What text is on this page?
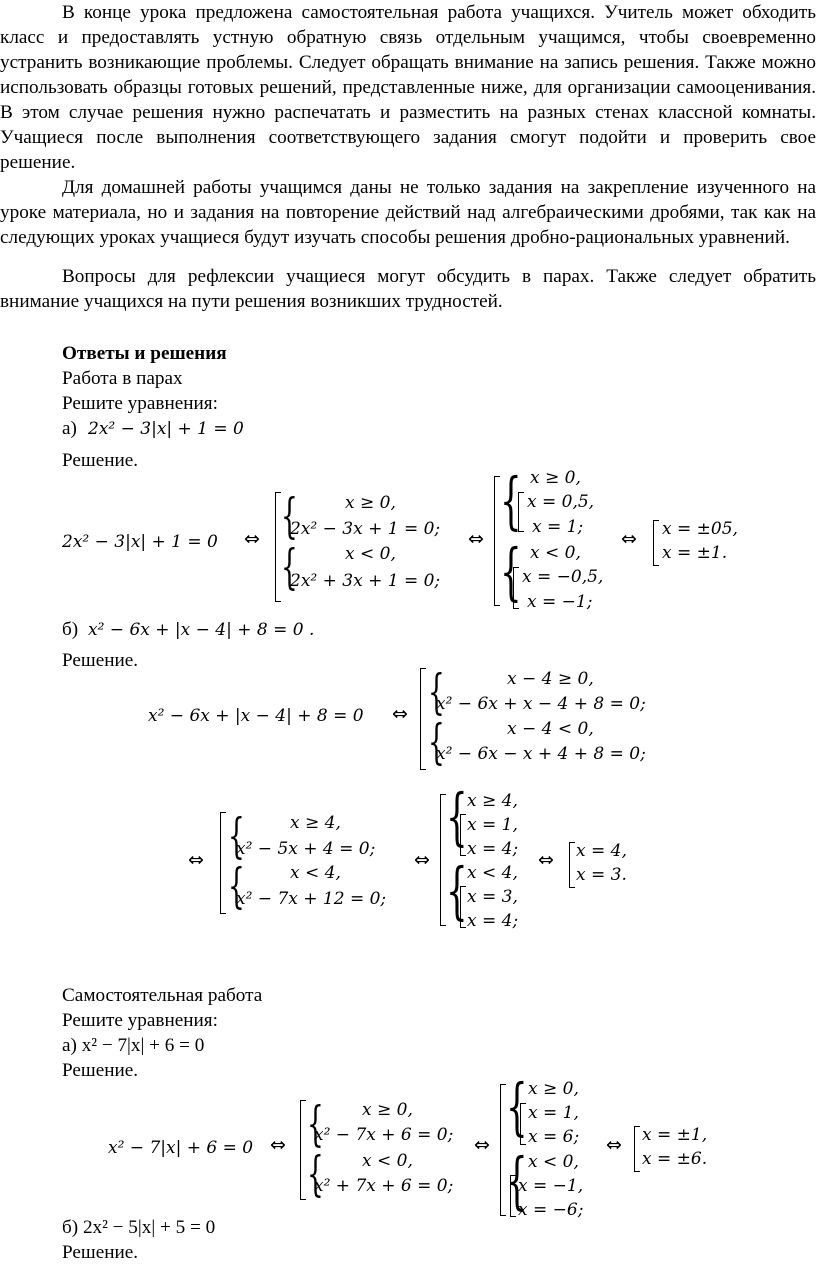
В конце урока предложена самостоятельная работа учащихся. Учитель может обходить класс и предоставлять устную обратную связь отдельным учащимся, чтобы своевременно устранить возникающие проблемы. Следует обращать внимание на запись решения. Также можно использовать образцы готовых решений, представленные ниже, для организации самооценивания. В этом случае решения нужно распечатать и разместить на разных стенах классной комнаты. Учащиеся после выполнения соответствующего задания смогут подойти и проверить свое решение.

Для домашней работы учащимся даны не только задания на закрепление изученного на уроке материала, но и задания на повторение действий над алгебраическими дробями, так как на следующих уроках учащиеся будут изучать способы решения дробно-рациональных уравнений.

Вопросы для рефлексии учащиеся могут обсудить в парах. Также следует обратить внимание учащихся на пути решения возникших трудностей.

Ответы и решения
Работа в парах
Решите уравнения:
а) 2x² − 3|x| + 1 = 0
Решение.
2x² − 3|x| + 1 = 0 ⇔ {	x ≥ 0,
2x² − 3x + 1 = 0;
{	x < 0,
2x² + 3x + 1 = 0;
⇔
{ x ≥ 0,
x = 0,5,
x = 1;
{ x < 0,
x = −0,5,
x = −1;
⇔ x = ±05,
x = ±1.
б) x² − 6x + |x − 4| + 8 = 0 .
Решение.
x² − 6x + |x − 4| + 8 = 0 ⇔ {	x − 4 ≥ 0,
x² − 6x + x − 4 + 8 = 0;
{	x − 4 < 0,
x² − 6x − x + 4 + 8 = 0;
⇔ {	x ≥ 4,
x² − 5x + 4 = 0;
{	x < 4,
x² − 7x + 12 = 0;
⇔
{ x ≥ 4,
x = 1,
x = 4;
{ x < 4,
x = 3,
x = 4;
⇔ x = 4,
x = 3.
Самостоятельная работа
Решите уравнения:
а) x² − 7|x| + 6 = 0
Решение.
x² − 7|x| + 6 = 0 ⇔ { x ≥ 0,
x² − 7x + 6 = 0;
{ x < 0,
x² + 7x + 6 = 0;
⇔
{ x ≥ 0,
x = 1,
x = 6;
{ x < 0,
x = −1,
x = −6;
⇔ x = ±1,
x = ±6.
б) 2x² − 5|x| + 5 = 0
Решение.
